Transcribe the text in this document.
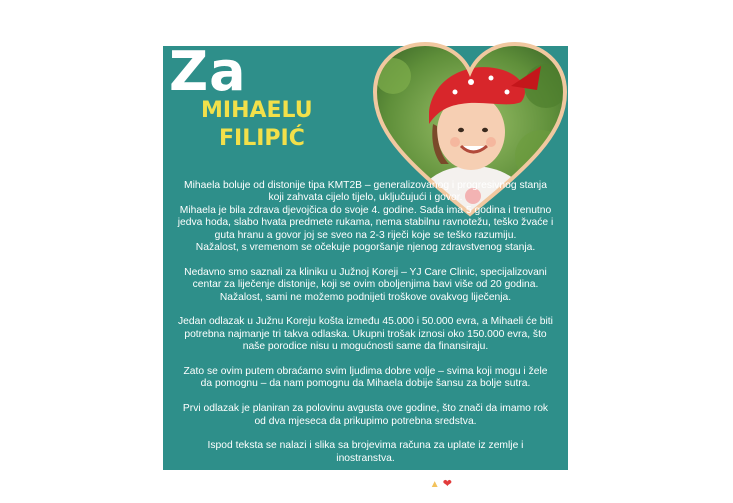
Za
MIHAELU
FILIPIĆ

Mihaela boluje od distonije tipa KMT2B – generalizovanog i progresivnog stanja koji zahvata cijelo tijelo, uključujući i govor.
Mihaela je bila zdrava djevojčica do svoje 4. godine. Sada ima 5 godina i trenutno jedva hoda, slabo hvata predmete rukama, nema stabilnu ravnotežu, teško žvaće i guta hranu a govor joj se sveo na 2-3 riječi koje se teško razumiju.
Nažalost, s vremenom se očekuje pogoršanje njenog zdravstvenog stanja.

Nedavno smo saznali za kliniku u Južnoj Koreji – YJ Care Clinic, specijalizovani centar za liječenje distonije, koji se ovim oboljenjima bavi više od 20 godina.
Nažalost, sami ne možemo podnijeti troškove ovakvog liječenja.

Jedan odlazak u Južnu Koreju košta između 45.000 i 50.000 evra, a Mihaeli će biti potrebna najmanje tri takva odlaska. Ukupni trošak iznosi oko 150.000 evra, što naše porodice nisu u mogućnosti same da finansiraju.

Zato se ovim putem obraćamo svim ljudima dobre volje – svima koji mogu i žele da pomognu – da nam pomognu da Mihaela dobije šansu za bolje sutra.

Prvi odlazak je planiran za polovinu avgusta ove godine, što znači da imamo rok od dva mjeseca da prikupimo potrebna sredstva.

Ispod teksta se nalazi i slika sa brojevima računa za uplate iz zemlje i inostranstva.

Za Mihaelin put ka ozdravljenju. ▲ ❤
